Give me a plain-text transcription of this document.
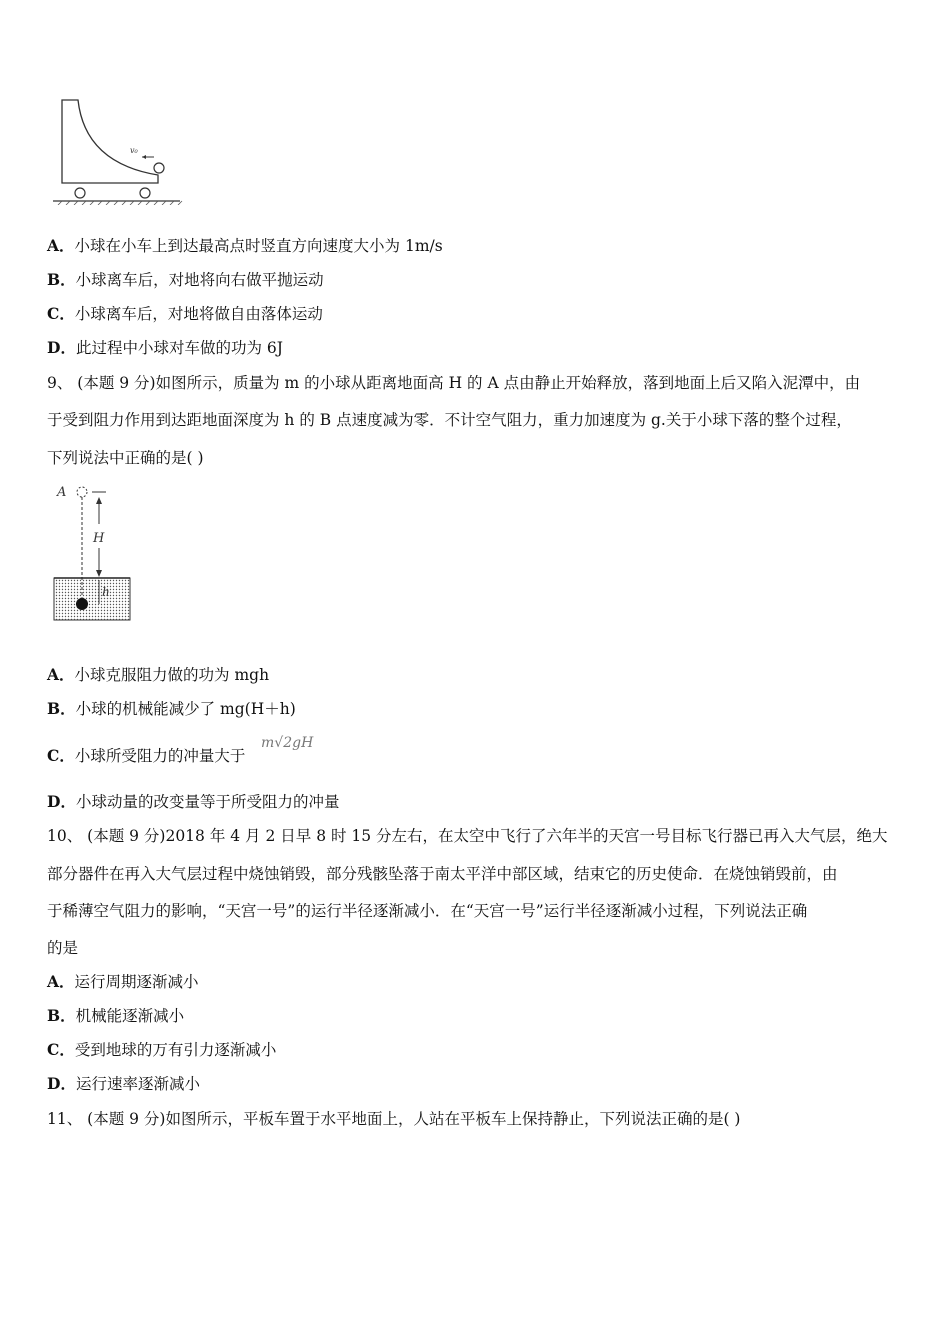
v₀
A．小球在小车上到达最高点时竖直方向速度大小为 1m/s
B．小球离车后，对地将向右做平抛运动
C．小球离车后，对地将做自由落体运动
D．此过程中小球对车做的功为 6J
9、 (本题 9 分)如图所示，质量为 m 的小球从距离地面高 H 的 A 点由静止开始释放，落到地面上后又陷入泥潭中，由
于受到阻力作用到达距地面深度为 h 的 B 点速度减为零．不计空气阻力，重力加速度为 g.关于小球下落的整个过程，
下列说法中正确的是( )
A
H
h
A．小球克服阻力做的功为 mgh
B．小球的机械能减少了 mg(H＋h)
C．小球所受阻力的冲量大于
m√2gH
D．小球动量的改变量等于所受阻力的冲量
10、 (本题 9 分)2018 年 4 月 2 日早 8 时 15 分左右，在太空中飞行了六年半的天宫一号目标飞行器已再入大气层，绝大
部分器件在再入大气层过程中烧蚀销毁，部分残骸坠落于南太平洋中部区域，结束它的历史使命．在烧蚀销毁前，由
于稀薄空气阻力的影响，“天宫一号”的运行半径逐渐减小．在“天宫一号”运行半径逐渐减小过程，下列说法正确
的是
A．运行周期逐渐减小
B．机械能逐渐减小
C．受到地球的万有引力逐渐减小
D．运行速率逐渐减小
11、 (本题 9 分)如图所示，平板车置于水平地面上，人站在平板车上保持静止，下列说法正确的是( )
